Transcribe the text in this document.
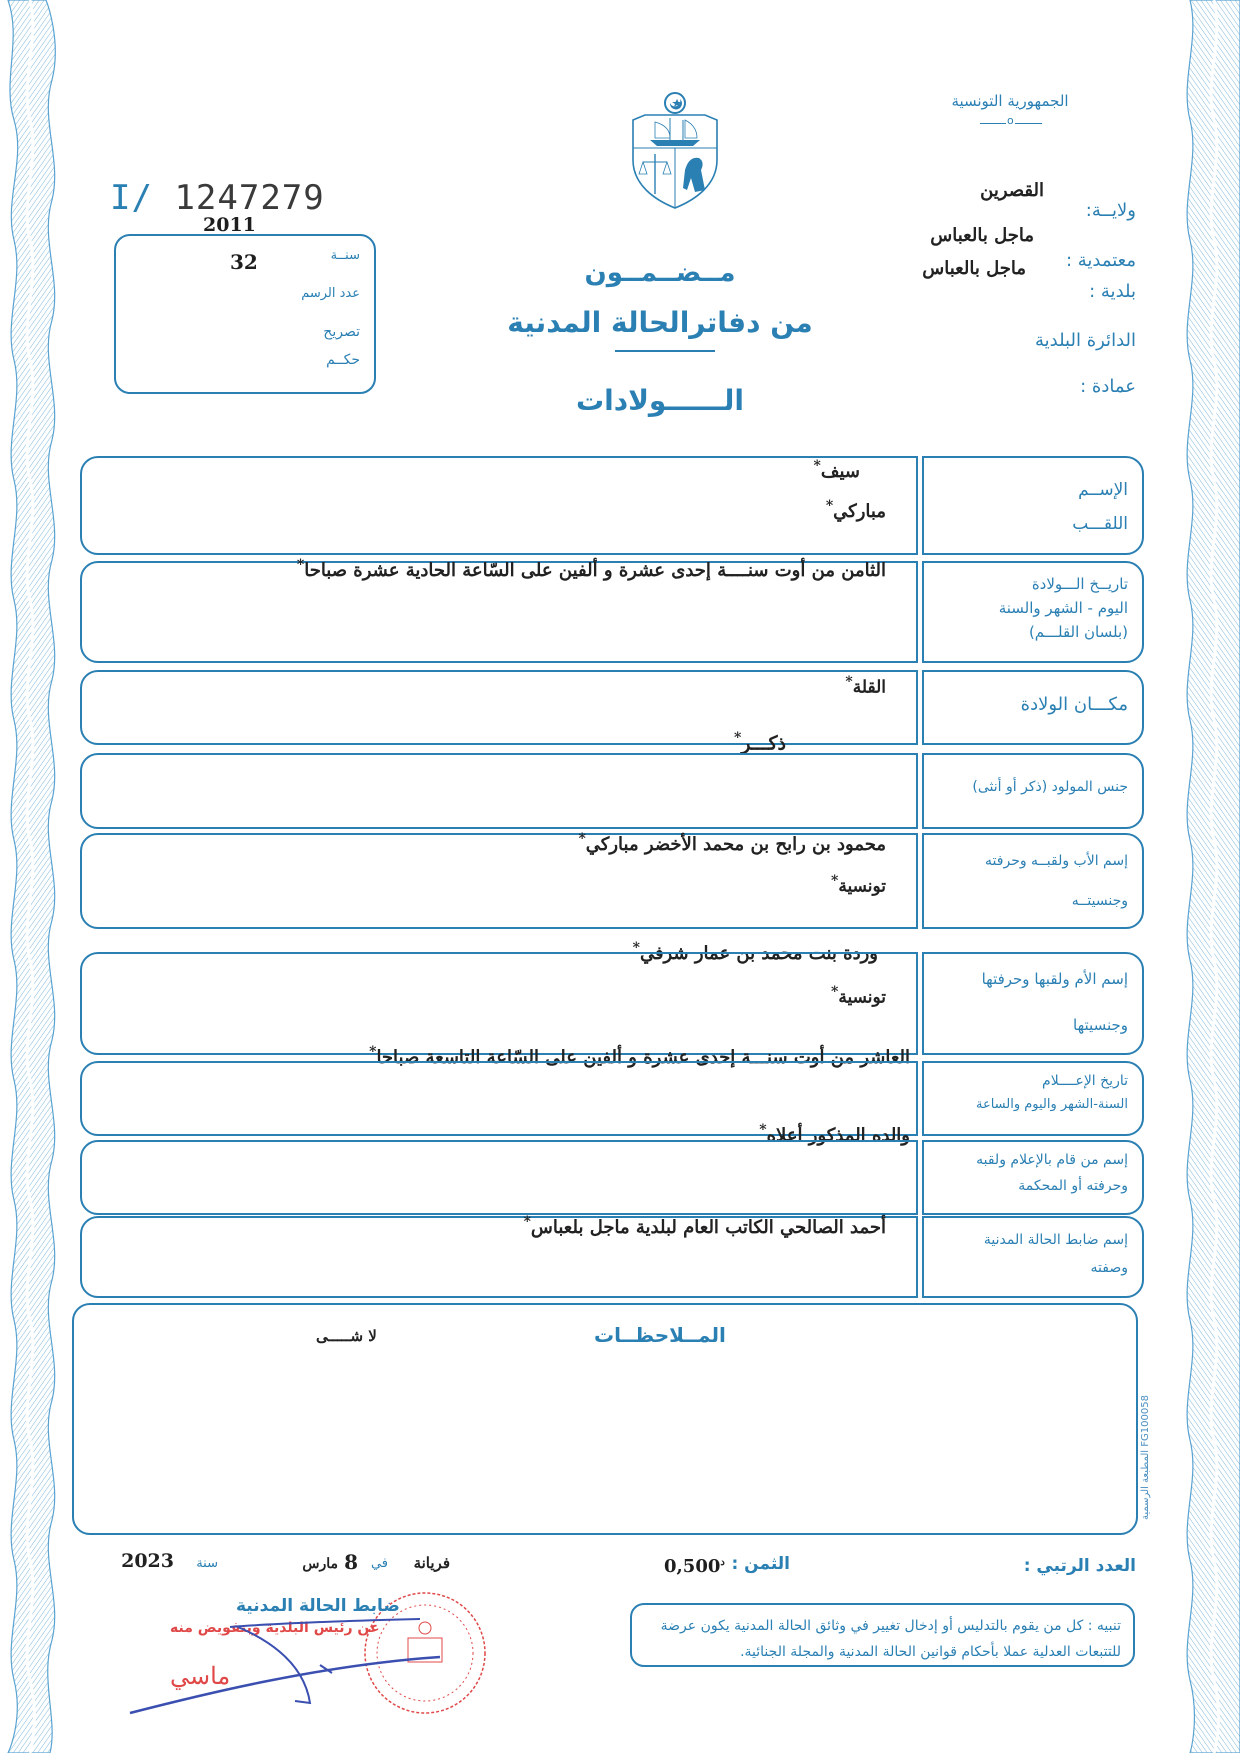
الجمهورية التونسية
o
I/ 1247279
2011
سنــة
32
عدد الرسم
تصريح
حكــم
ولايــة:
القصرين
ماجل بالعباس
معتمدية :
ماجل بالعباس
بلدية :
الدائرة البلدية
عمادة :
مــضــمــون
من دفاترالحالة المدنية
الــــــولادات
سيف*
مباركي*
الإســم
اللقـــب
الثامن من أوت سنــــة إحدى عشرة و ألفين على السّاعة الحادية عشرة صباحا*
تاريــخ الـــولادة
اليوم - الشهر والسنة
(بلسان القلـــم)
القلة*
مكـــان الولادة
ذكـــر*
جنس المولود (ذكر أو أنثى)
محمود بن رابح بن محمد الأخضر مباركي*
تونسية*
إسم الأب ولقبــه وحرفته
وجنسيتــه
وردة بنت محمد بن عمار شرفي*
تونسية*
إسم الأم ولقبها وحرفتها
وجنسيتها
العاشر من أوت سنـــة إحدى عشرة و ألفين على السّاعة التاسعة صباحا*
تاريخ الإعــــلام
السنة-الشهر واليوم والساعة
والده المذكور أعلاه*
إسم من قام بالإعلام ولقبه
وحرفته أو المحكمة
أحمد الصالحي الكاتب العام لبلدية ماجل بلعباس*
إسم ضابط الحالة المدنية
وصفته
المــلاحظــات
لا شـــــى
المطبعة الرسمية FG100058
العدد الرتبي :
الثمن :
$0,500^د$
فريانة
في
8
مارس
سنة
2023
ضابط الحالة المدنية
عن رئيس البلدية وبتفويض منه
ماسي
تنبيه : كل من يقوم بالتدليس أو إدخال تغيير في وثائق الحالة المدنية يكون عرضة للتتبعات العدلية عملا بأحكام قوانين الحالة المدنية والمجلة الجنائية.
